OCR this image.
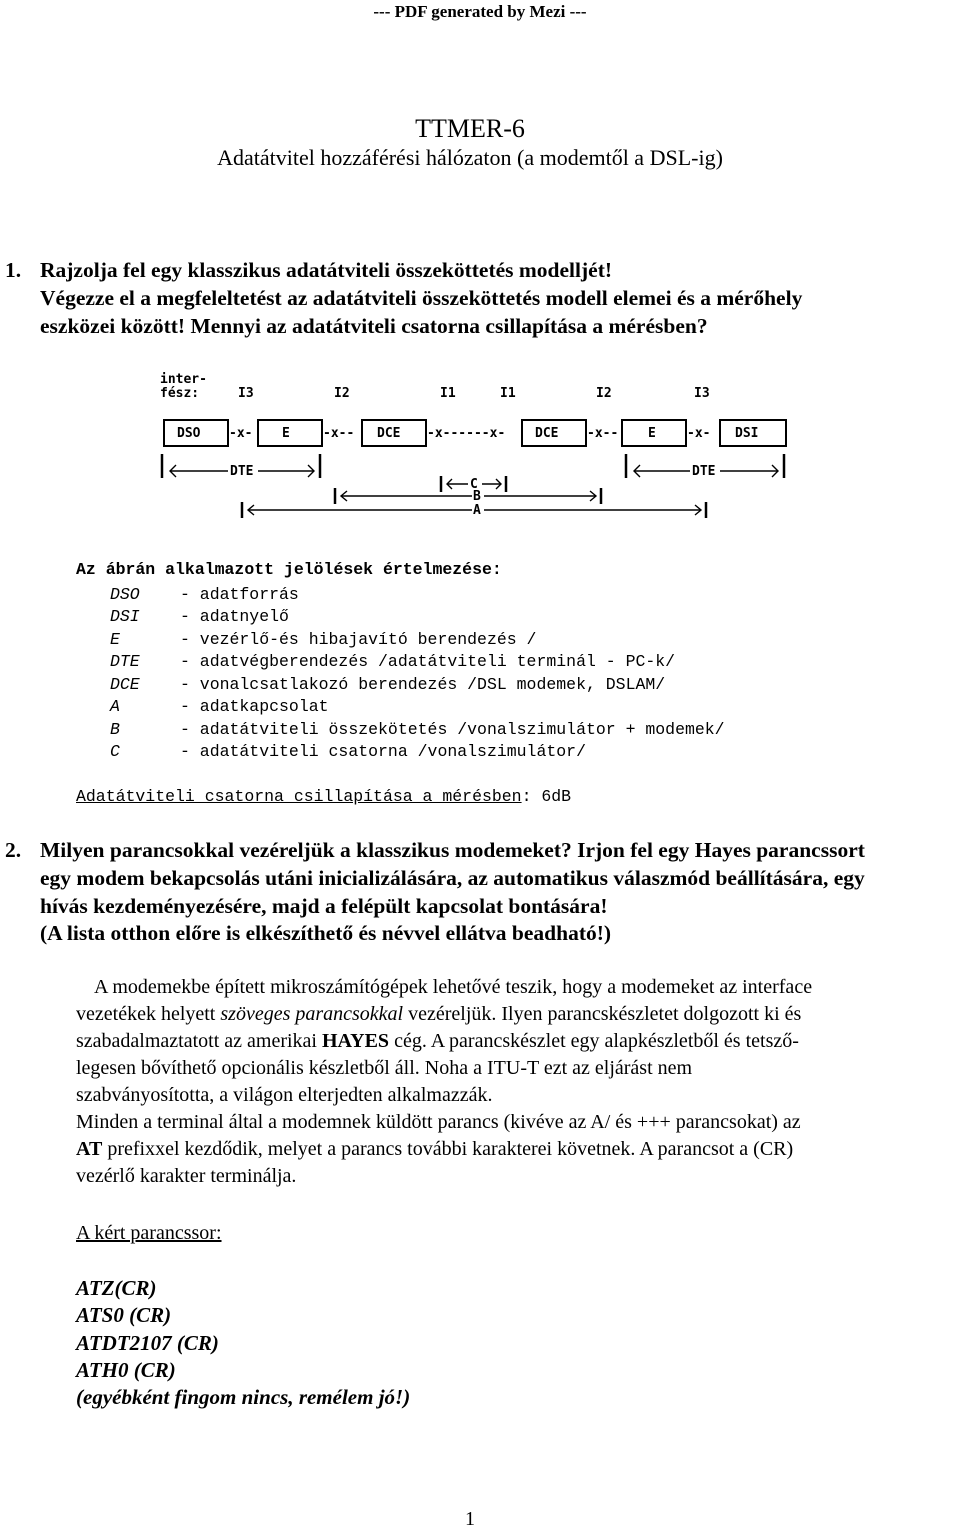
--- PDF generated by Mezi ---
TTMER-6
Adatátvitel hozzáférési hálózaton (a modemtől a DSL-ig)
1. Rajzolja fel egy klasszikus adatátviteli összeköttetés modelljét!
Végezze el a megfeleltetést az adatátviteli összeköttetés modell elemei és a mérőhely
eszközei között! Mennyi az adatátviteli csatorna csillapítása a mérésben?
inter-
fész:	I3	I2	I1	I1	I2	I3
DSO -x- E	-x-- DCE -x------x- DCE -x-- E -x- DSI
DTE	DTE
C
B
A
Az ábrán alkalmazott jelölések értelmezése:
DSO - adatforrás
DSI - adatnyelő
E	- vezérlő-és hibajavító berendezés /
DTE - adatvégberendezés /adatátviteli terminál - PC-k/
DCE - vonalcsatlakozó berendezés /DSL modemek, DSLAM/
A	- adatkapcsolat
B	- adatátviteli összekötetés /vonalszimulátor + modemek/
C	- adatátviteli csatorna /vonalszimulátor/
Adatátviteli csatorna csillapítása a mérésben: 6dB
2. Milyen parancsokkal vezéreljük a klasszikus modemeket? Irjon fel egy Hayes parancssort
egy modem bekapcsolás utáni inicializálására, az automatikus válaszmód beállítására, egy
hívás kezdeményezésére, majd a felépült kapcsolat bontására!
(A lista otthon előre is elkészíthető és névvel ellátva beadható!)
A modemekbe épített mikroszámítógépek lehetővé teszik, hogy a modemeket az interface
vezetékek helyett szöveges parancsokkal vezéreljük. Ilyen parancskészletet dolgozott ki és
szabadalmaztatott az amerikai HAYES cég. A parancskészlet egy alapkészletből és tetsző-
legesen bővíthető opcionális készletből áll. Noha a ITU-T ezt az eljárást nem
szabványosította, a világon elterjedten alkalmazzák.
Minden a terminal által a modemnek küldött parancs (kivéve az A/ és +++ parancsokat) az
AT prefixxel kezdődik, melyet a parancs további karakterei követnek. A parancsot a (CR)
vezérlő karakter terminálja.
A kért parancssor:
ATZ(CR)
ATS0 (CR)
ATDT2107 (CR)
ATH0 (CR)
(egyébként fingom nincs, remélem jó!)
1
